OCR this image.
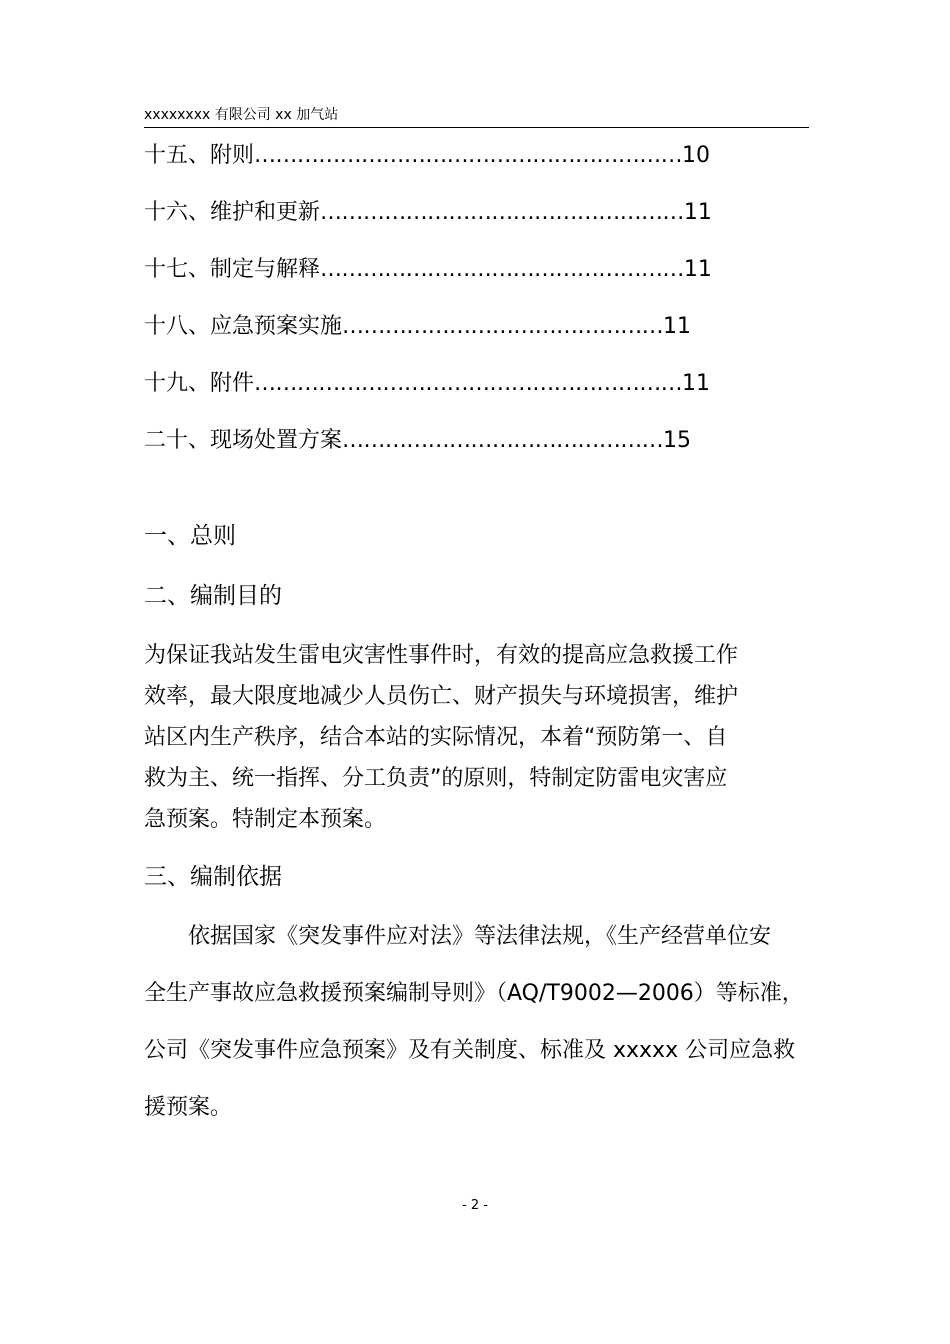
xxxxxxxx 有限公司 xx 加气站
十五、附则……………………………………………………10
十六、维护和更新……………………………………………11
十七、制定与解释……………………………………………11
十八、应急预案实施………………………………………11
十九、附件……………………………………………………11
二十、现场处置方案………………………………………15
一、总则
二、编制目的
为保证我站发生雷电灾害性事件时，有效的提高应急救援工作
效率，最大限度地减少人员伤亡、财产损失与环境损害，维护
站区内生产秩序，结合本站的实际情况，本着“预防第一、自
救为主、统一指挥、分工负责”的原则，特制定防雷电灾害应
急预案。特制定本预案。
三、编制依据
依据国家《突发事件应对法》等法律法规，《生产经营单位安
全生产事故应急救援预案编制导则》（AQ/T9002—2006）等标准，
公司《突发事件应急预案》及有关制度、标准及 xxxxx 公司应急救
援预案。
- 2 -
